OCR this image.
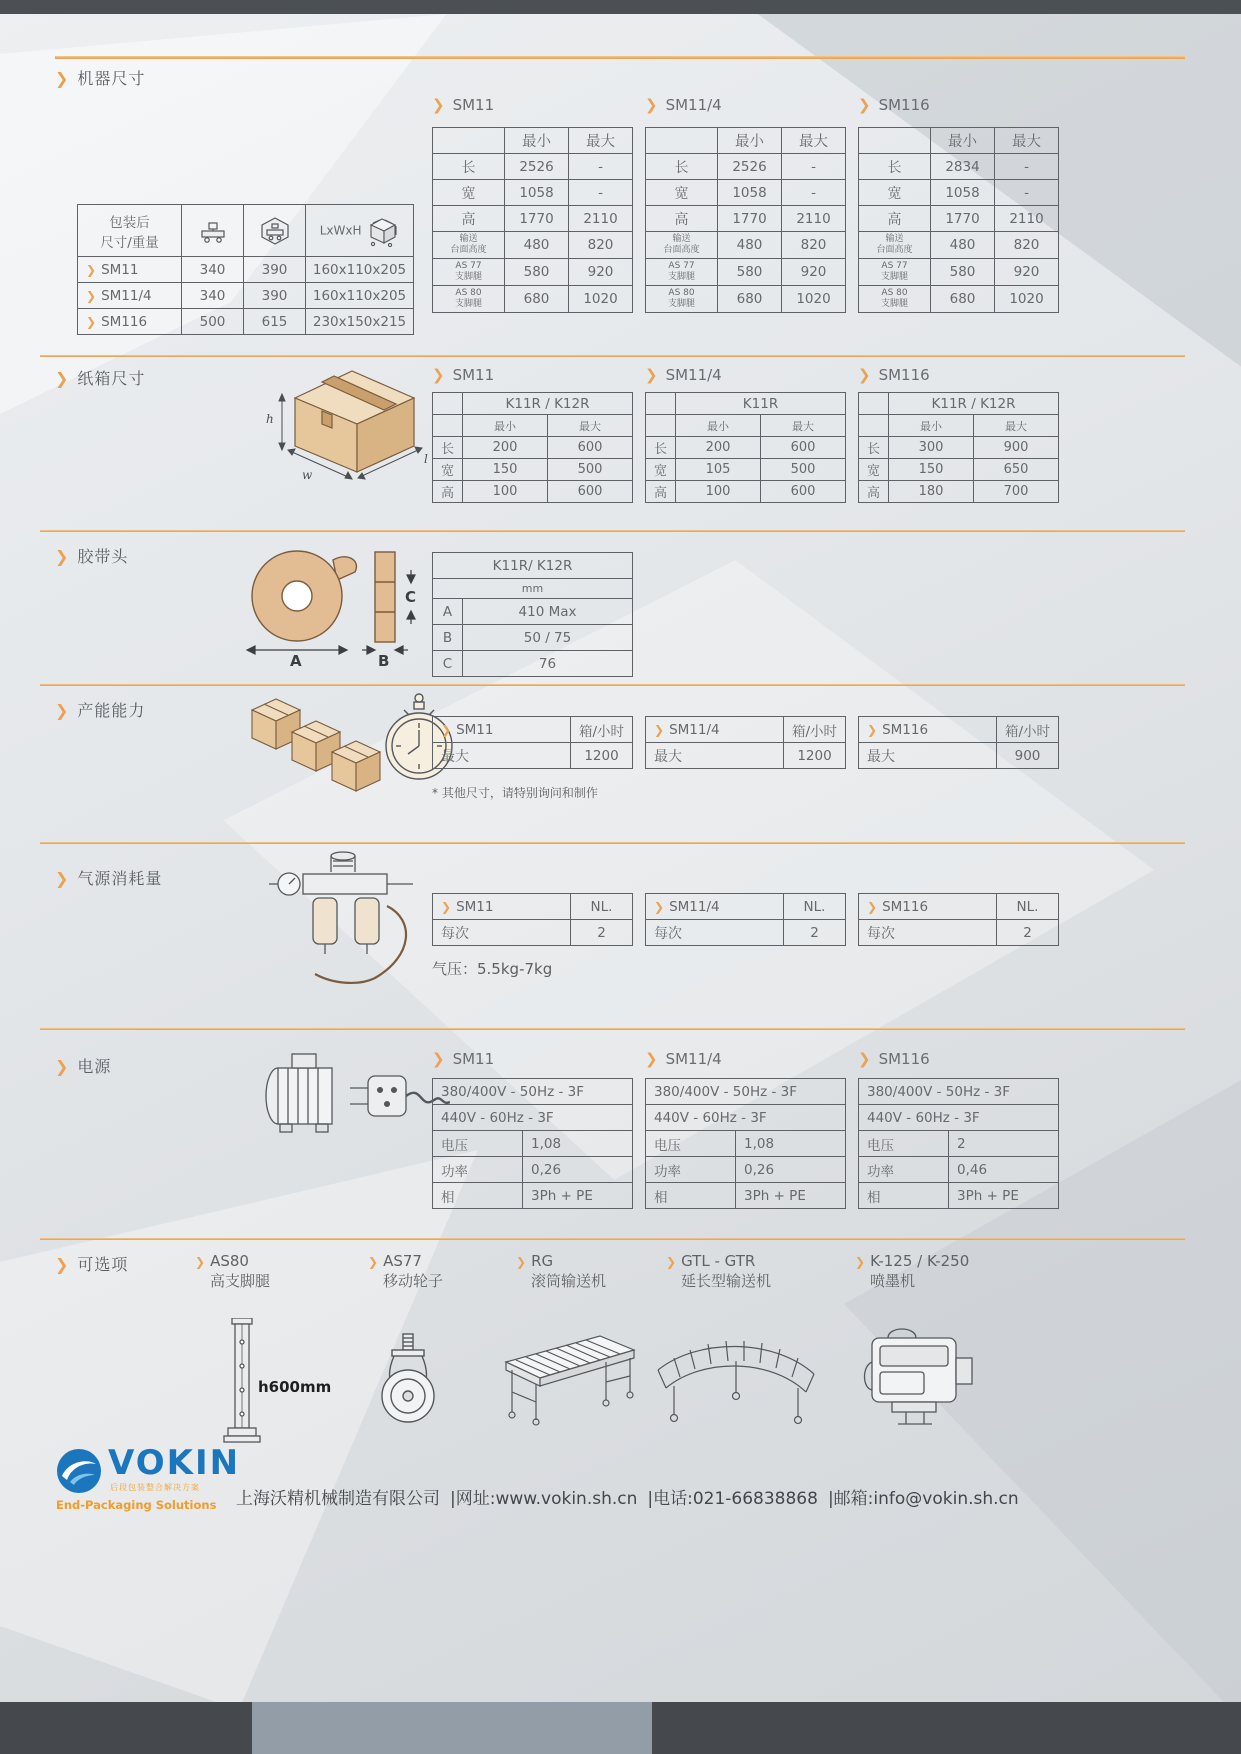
❯ 机器尺寸
❯ SM11	❯ SM11/4	❯ SM116
	最小	最大
长	2526	-
宽	1058	-
高	1770	2110

输送
台面高度	480	820

AS 77
支脚腿	580	920

AS 80
支脚腿	680	1020
	最小	最大
长	2526	-
宽	1058	-
高	1770	2110

输送
台面高度	480	820

AS 77
支脚腿	580	920

AS 80
支脚腿	680	1020
	最小	最大
长	2834	-
宽	1058	-
高	1770	2110

输送
台面高度	480	820

AS 77
支脚腿	580	920

AS 80
支脚腿	680	1020
包装后
尺寸/重量			LxWxH
❯ SM11	340	390	160x110x205
❯ SM11/4	340	390	160x110x205
❯ SM116	500	615	230x150x215
❯ 纸箱尺寸
h
w
l
❯ SM11	❯ SM11/4	❯ SM116
	K11R / K12R	
	最小	最大
长	200	600
宽	150	500
高	100	600
	K11R	
	最小	最大
长	200	600
宽	105	500
高	100	600
	K11R / K12R	
	最小	最大
长	300	900
宽	150	650
高	180	700
❯ 胶带头
A	B
C
K11R/ K12R	
mm	
A	410 Max
B	50 / 75
C	76
❯ 产能能力
❯ SM11	箱/小时
最大	1200
❯ SM11/4	箱/小时
最大	1200
❯ SM116	箱/小时
最大	900
* 其他尺寸，请特别询问和制作
❯ 气源消耗量
❯ SM11	NL.
每次	2
❯ SM11/4	NL.
每次	2
❯ SM116	NL.
每次	2
气压：5.5kg-7kg
❯ 电源	❯ SM11	❯ SM11/4	❯ SM116
380/400V - 50Hz - 3F	
440V - 60Hz - 3F	
电压	1,08
功率	0,26
相	3Ph + PE
380/400V - 50Hz - 3F	
440V - 60Hz - 3F	
电压	1,08
功率	0,26
相	3Ph + PE
380/400V - 50Hz - 3F	
440V - 60Hz - 3F	
电压	2
功率	0,46
相	3Ph + PE
❯ 可选项	❯ AS80
高支脚腿
❯ AS77
移动轮子
❯ RG
滚筒输送机
❯ GTL - GTR
延长型输送机
❯ K-125 / K-250
喷墨机
h600mm
VOKIN
后段包装整合解决方案
End-Packaging Solutions	上海沃精机械制造有限公司 |网址:www.vokin.sh.cn |电话:021-66838868 |邮箱:info@vokin.sh.cn
